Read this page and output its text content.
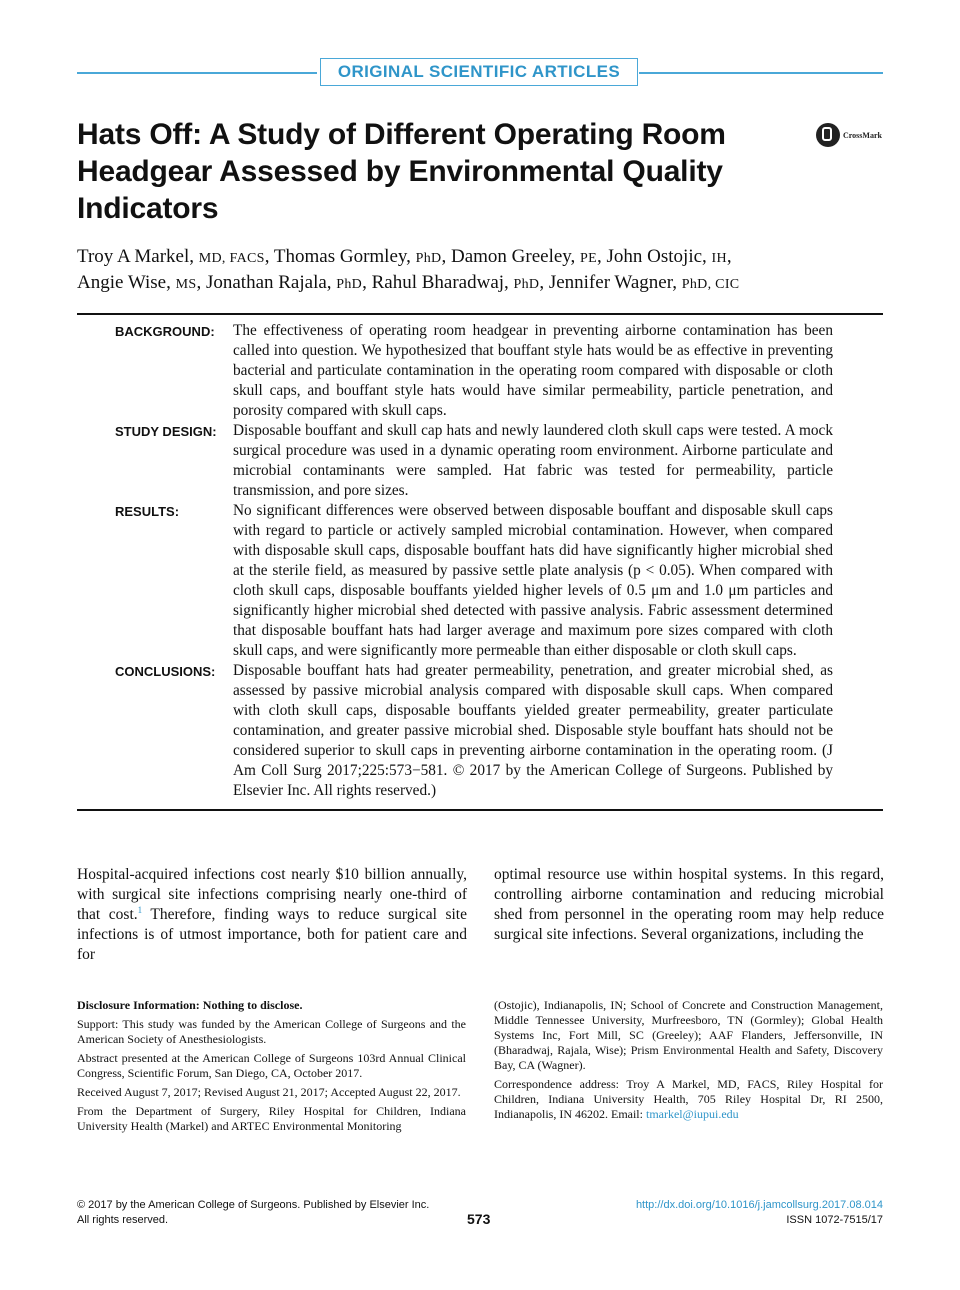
ORIGINAL SCIENTIFIC ARTICLES
Hats Off: A Study of Different Operating Room Headgear Assessed by Environmental Quality Indicators
CrossMark
Troy A Markel, MD, FACS, Thomas Gormley, PhD, Damon Greeley, PE, John Ostojic, IH,
Angie Wise, MS, Jonathan Rajala, PhD, Rahul Bharadwaj, PhD, Jennifer Wagner, PhD, CIC
BACKGROUND:	The effectiveness of operating room headgear in preventing airborne contamination has been called into question. We hypothesized that bouffant style hats would be as effective in preventing bacterial and particulate contamination in the operating room compared with disposable or cloth skull caps, and bouffant style hats would have similar permeability, particle penetration, and porosity compared with skull caps.
STUDY DESIGN:	Disposable bouffant and skull cap hats and newly laundered cloth skull caps were tested. A mock surgical procedure was used in a dynamic operating room environment. Airborne particulate and microbial contaminants were sampled. Hat fabric was tested for permeability, particle transmission, and pore sizes.
RESULTS:	No significant differences were observed between disposable bouffant and disposable skull caps with regard to particle or actively sampled microbial contamination. However, when compared with disposable skull caps, disposable bouffant hats did have significantly higher microbial shed at the sterile field, as measured by passive settle plate analysis (p < 0.05). When compared with cloth skull caps, disposable bouffants yielded higher levels of 0.5 μm and 1.0 μm particles and significantly higher microbial shed detected with passive analysis. Fabric assessment determined that disposable bouffant hats had larger average and maximum pore sizes compared with cloth skull caps, and were significantly more permeable than either disposable or cloth skull caps.
CONCLUSIONS:	Disposable bouffant hats had greater permeability, penetration, and greater microbial shed, as assessed by passive microbial analysis compared with disposable skull caps. When compared with cloth skull caps, disposable bouffants yielded greater permeability, greater particulate contamination, and greater passive microbial shed. Disposable style bouffant hats should not be considered superior to skull caps in preventing airborne contamination in the operating room. (J Am Coll Surg 2017;225:573−581. © 2017 by the American College of Surgeons. Published by Elsevier Inc. All rights reserved.)
Hospital-acquired infections cost nearly $10 billion annually, with surgical site infections comprising nearly one-third of that cost.$^1$ Therefore, finding ways to reduce surgical site infections is of utmost importance, both for patient care and for
optimal resource use within hospital systems. In this regard, controlling airborne contamination and reducing microbial shed from personnel in the operating room may help reduce surgical site infections. Several organizations, including the

Disclosure Information: Nothing to disclose.

Support: This study was funded by the American College of Surgeons and the American Society of Anesthesiologists.

Abstract presented at the American College of Surgeons 103rd Annual Clinical Congress, Scientific Forum, San Diego, CA, October 2017.

Received August 7, 2017; Revised August 21, 2017; Accepted August 22, 2017.

From the Department of Surgery, Riley Hospital for Children, Indiana University Health (Markel) and ARTEC Environmental Monitoring

(Ostojic), Indianapolis, IN; School of Concrete and Construction Management, Middle Tennessee University, Murfreesboro, TN (Gormley); Global Health Systems Inc, Fort Mill, SC (Greeley); AAF Flanders, Jeffersonville, IN (Bharadwaj, Rajala, Wise); Prism Environmental Health and Safety, Discovery Bay, CA (Wagner).

Correspondence address: Troy A Markel, MD, FACS, Riley Hospital for Children, Indiana University Health, 705 Riley Hospital Dr, RI 2500, Indianapolis, IN 46202. Email: tmarkel@iupui.edu

© 2017 by the American College of Surgeons. Published by Elsevier Inc.
All rights reserved.	573
http://dx.doi.org/10.1016/j.jamcollsurg.2017.08.014
ISSN 1072-7515/17
